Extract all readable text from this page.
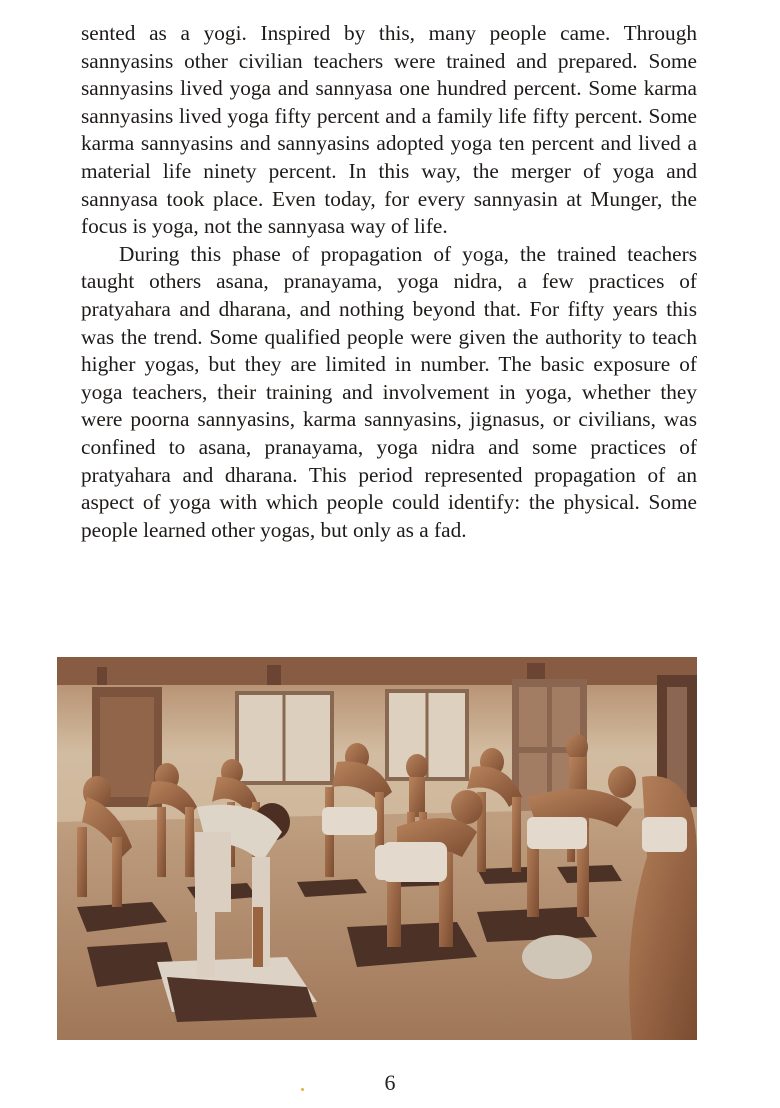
sented as a yogi. Inspired by this, many people came. Through sannyasins other civilian teachers were trained and prepared. Some sannyasins lived yoga and sannyasa one hundred percent. Some karma sannyasins lived yoga fifty percent and a family life fifty percent. Some karma sannyasins and sannyasins adopted yoga ten percent and lived a material life ninety percent. In this way, the merger of yoga and sannyasa took place. Even today, for every sannyasin at Munger, the focus is yoga, not the sannyasa way of life.

During this phase of propagation of yoga, the trained teachers taught others asana, pranayama, yoga nidra, a few practices of pratyahara and dharana, and nothing beyond that. For fifty years this was the trend. Some qualified people were given the authority to teach higher yogas, but they are limited in number. The basic exposure of yoga teachers, their training and involvement in yoga, whether they were poorna sannyasins, karma sannyasins, jignasus, or civilians, was confined to asana, pranayama, yoga nidra and some practices of pratyahara and dharana. This period represented propagation of an aspect of yoga with which people could identify: the physical. Some people learned other yogas, but only as a fad.

6
